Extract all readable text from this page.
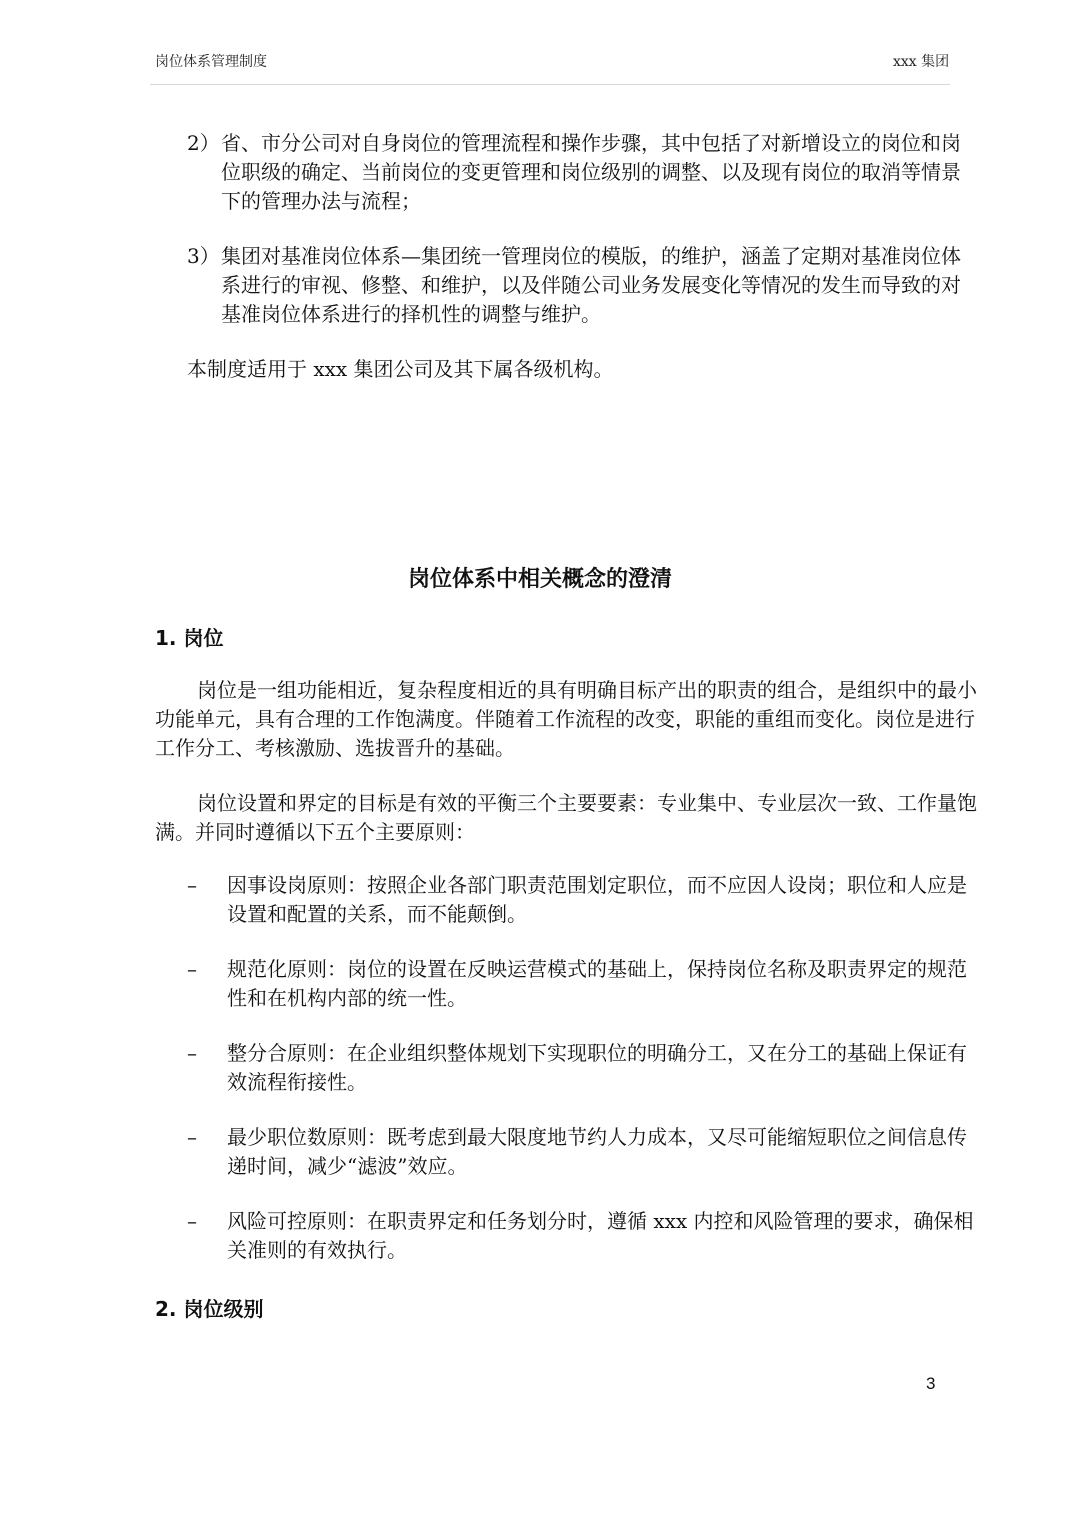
岗位体系管理制度	xxx 集团
2） 省、市分公司对自身岗位的管理流程和操作步骤，其中包括了对新增设立的岗位和岗位职级的确定、当前岗位的变更管理和岗位级别的调整、以及现有岗位的取消等情景下的管理办法与流程；
3） 集团对基准岗位体系—集团统一管理岗位的模版，的维护，涵盖了定期对基准岗位体系进行的审视、修整、和维护，以及伴随公司业务发展变化等情况的发生而导致的对基准岗位体系进行的择机性的调整与维护。
本制度适用于 xxx 集团公司及其下属各级机构。
岗位体系中相关概念的澄清
1. 岗位
岗位是一组功能相近，复杂程度相近的具有明确目标产出的职责的组合，是组织中的最小功能单元，具有合理的工作饱满度。伴随着工作流程的改变，职能的重组而变化。岗位是进行工作分工、考核激励、选拔晋升的基础。
岗位设置和界定的目标是有效的平衡三个主要要素：专业集中、专业层次一致、工作量饱满。并同时遵循以下五个主要原则：
– 因事设岗原则：按照企业各部门职责范围划定职位，而不应因人设岗；职位和人应是设置和配置的关系，而不能颠倒。
– 规范化原则：岗位的设置在反映运营模式的基础上，保持岗位名称及职责界定的规范性和在机构内部的统一性。
– 整分合原则：在企业组织整体规划下实现职位的明确分工，又在分工的基础上保证有效流程衔接性。
– 最少职位数原则：既考虑到最大限度地节约人力成本，又尽可能缩短职位之间信息传递时间，减少“滤波”效应。
– 风险可控原则：在职责界定和任务划分时，遵循 xxx 内控和风险管理的要求，确保相关准则的有效执行。
2. 岗位级别
3
